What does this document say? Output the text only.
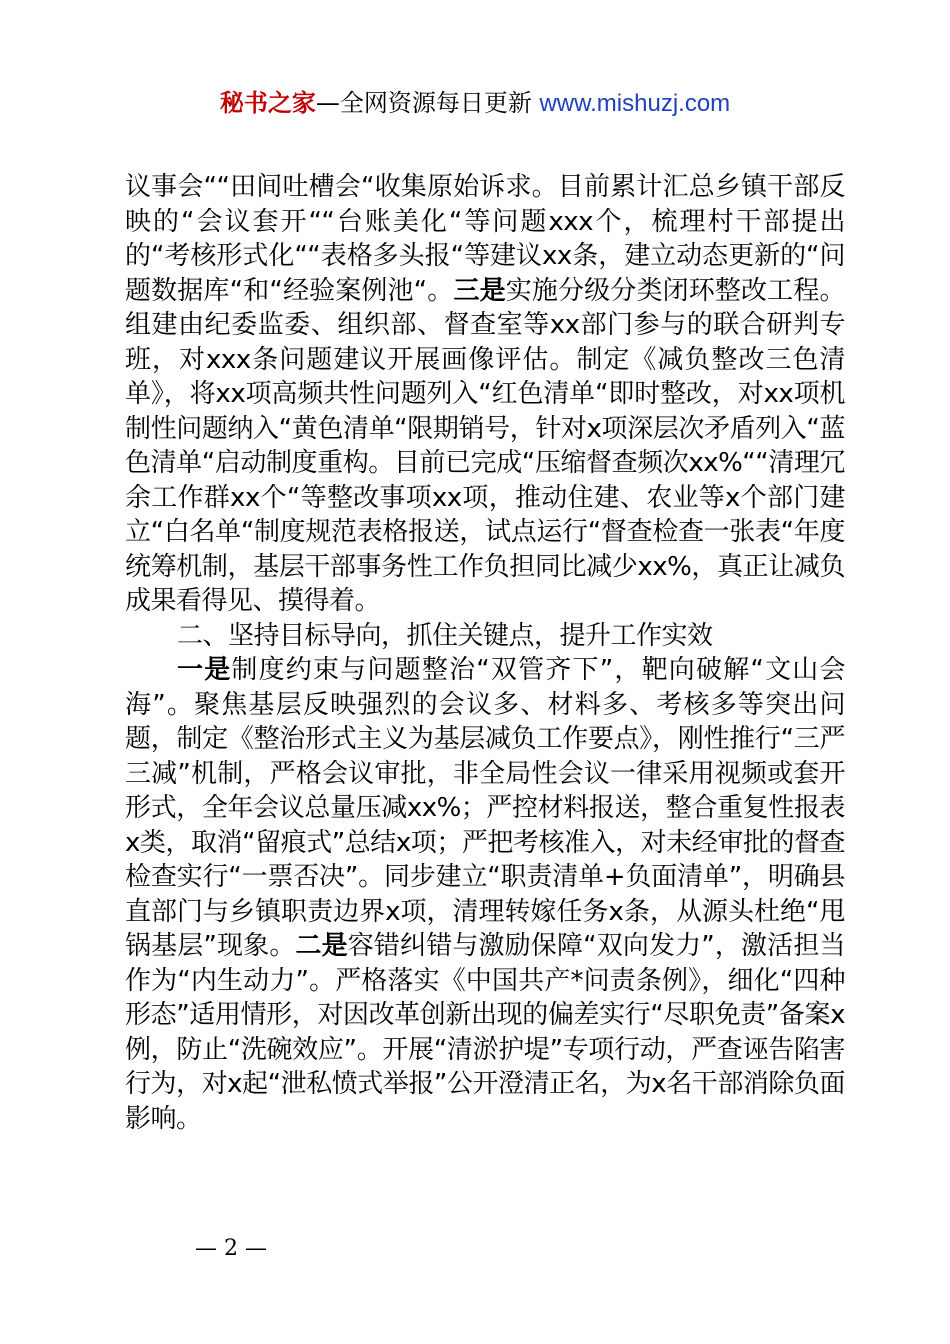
秘书之家—全网资源每日更新 www.mishuzj.com

议事会““田间吐槽会“收集原始诉求。目前累计汇总乡镇干部反映的“会议套开““台账美化“等问题xxx个，梳理村干部提出的“考核形式化““表格多头报“等建议xx条，建立动态更新的“问题数据库“和“经验案例池“。三是实施分级分类闭环整改工程。组建由纪委监委、组织部、督查室等xx部门参与的联合研判专班，对xxx条问题建议开展画像评估。制定《减负整改三色清单》，将xx项高频共性问题列入“红色清单“即时整改，对xx项机制性问题纳入“黄色清单“限期销号，针对x项深层次矛盾列入“蓝色清单“启动制度重构。目前已完成“压缩督查频次xx%““清理冗余工作群xx个“等整改事项xx项，推动住建、农业等x个部门建立“白名单“制度规范表格报送，试点运行“督查检查一张表“年度统筹机制，基层干部事务性工作负担同比减少xx%，真正让减负成果看得见、摸得着。

二、坚持目标导向，抓住关键点，提升工作实效

一是制度约束与问题整治“双管齐下”，靶向破解“文山会海”。聚焦基层反映强烈的会议多、材料多、考核多等突出问题，制定《整治形式主义为基层减负工作要点》，刚性推行“三严三减”机制，严格会议审批，非全局性会议一律采用视频或套开形式，全年会议总量压减xx%；严控材料报送，整合重复性报表x类，取消“留痕式”总结x项；严把考核准入，对未经审批的督查检查实行“一票否决”。同步建立“职责清单+负面清单”，明确县直部门与乡镇职责边界x项，清理转嫁任务x条，从源头杜绝“甩锅基层”现象。二是容错纠错与激励保障“双向发力”，激活担当作为“内生动力”。严格落实《中国共产*问责条例》，细化“四种形态”适用情形，对因改革创新出现的偏差实行“尽职免责”备案x例，防止“洗碗效应”。开展“清淤护堤”专项行动，严查诬告陷害行为，对x起“泄私愤式举报”公开澄清正名，为x名干部消除负面影响。

— 2 —
